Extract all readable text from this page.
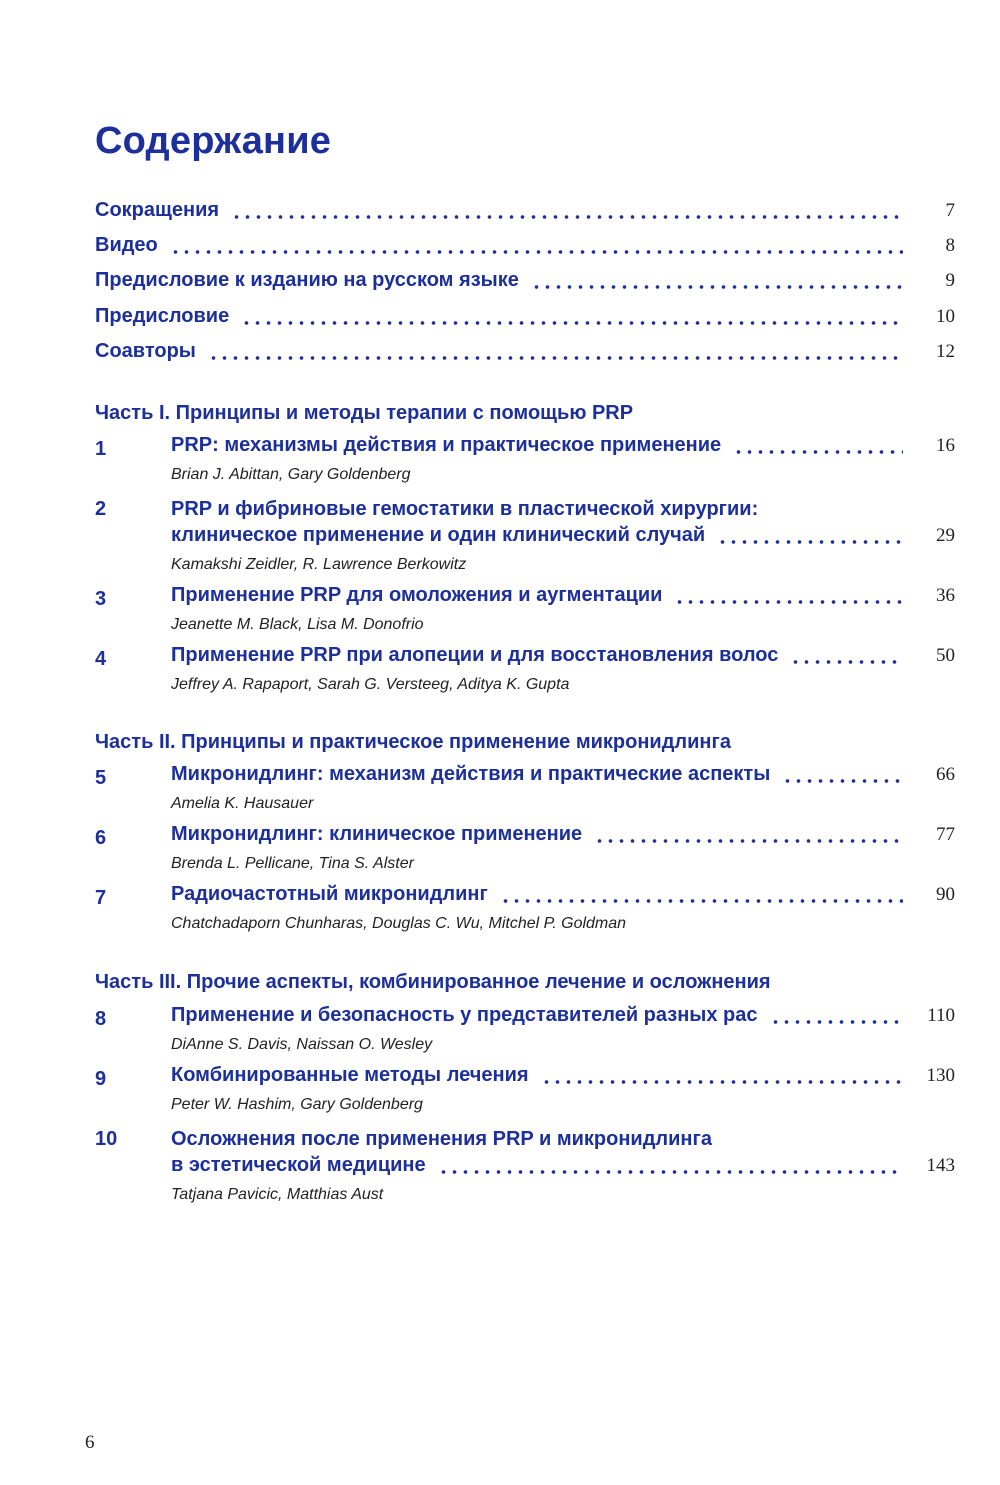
Содержание
Сокращения	7
Видео	8
Предисловие к изданию на русском языке	9
Предисловие	10
Соавторы	12
Часть I. Принципы и методы терапии с помощью PRP
1	PRP: механизмы действия и практическое применение	16
Brian J. Abittan, Gary Goldenberg
2	PRP и фибриновые гемостатики в пластической хирургии:
клиническое применение и один клинический случай	29
Kamakshi Zeidler, R. Lawrence Berkowitz
3	Применение PRP для омоложения и аугментации	36
Jeanette M. Black, Lisa M. Donofrio
4	Применение PRP при алопеции и для восстановления волос	50
Jeffrey A. Rapaport, Sarah G. Versteeg, Aditya K. Gupta
Часть II. Принципы и практическое применение микронидлинга
5	Микронидлинг: механизм действия и практические аспекты	66
Amelia K. Hausauer
6	Микронидлинг: клиническое применение	77
Brenda L. Pellicane, Tina S. Alster
7	Радиочастотный микронидлинг	90
Chatchadaporn Chunharas, Douglas C. Wu, Mitchel P. Goldman
Часть III. Прочие аспекты, комбинированное лечение и осложнения
8	Применение и безопасность у представителей разных рас	110
DiAnne S. Davis, Naissan O. Wesley
9	Комбинированные методы лечения	130
Peter W. Hashim, Gary Goldenberg
10	Осложнения после применения PRP и микронидлинга
в эстетической медицине	143
Tatjana Pavicic, Matthias Aust
6
